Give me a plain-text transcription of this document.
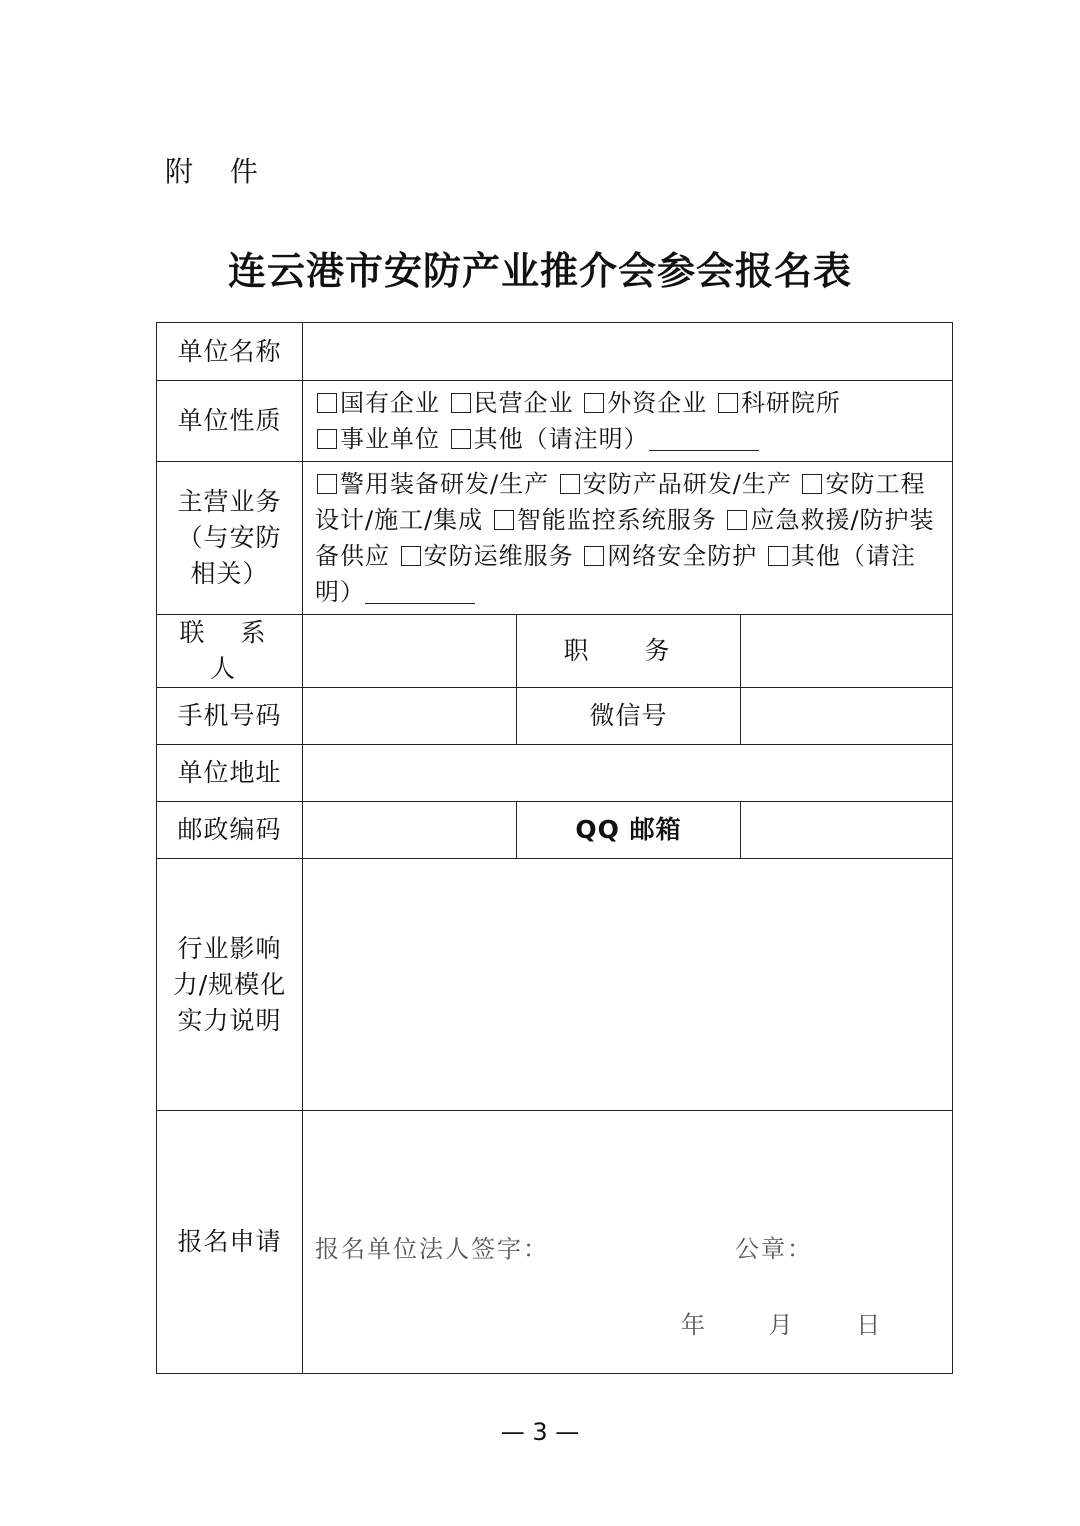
附 件
连云港市安防产业推介会参会报名表
单位名称			
单位性质	国有企业 民营企业 外资企业 科研院所
事业单位 其他（请注明）		

主营业务
（与安防
相关）	警用装备研发/生产 安防产品研发/生产 安防工程设计/施工/集成 智能监控系统服务 应急救援/防护装备供应 安防运维服务 网络安全防护 其他（请注明）		

联 系 人		职 务	
手机号码		微信号	
单位地址			
邮政编码		QQ 邮箱	

行业影响
力/规模化
实力说明			

报名申请	报名单位法人签字： 公章：
年 月 日		
— 3 —
